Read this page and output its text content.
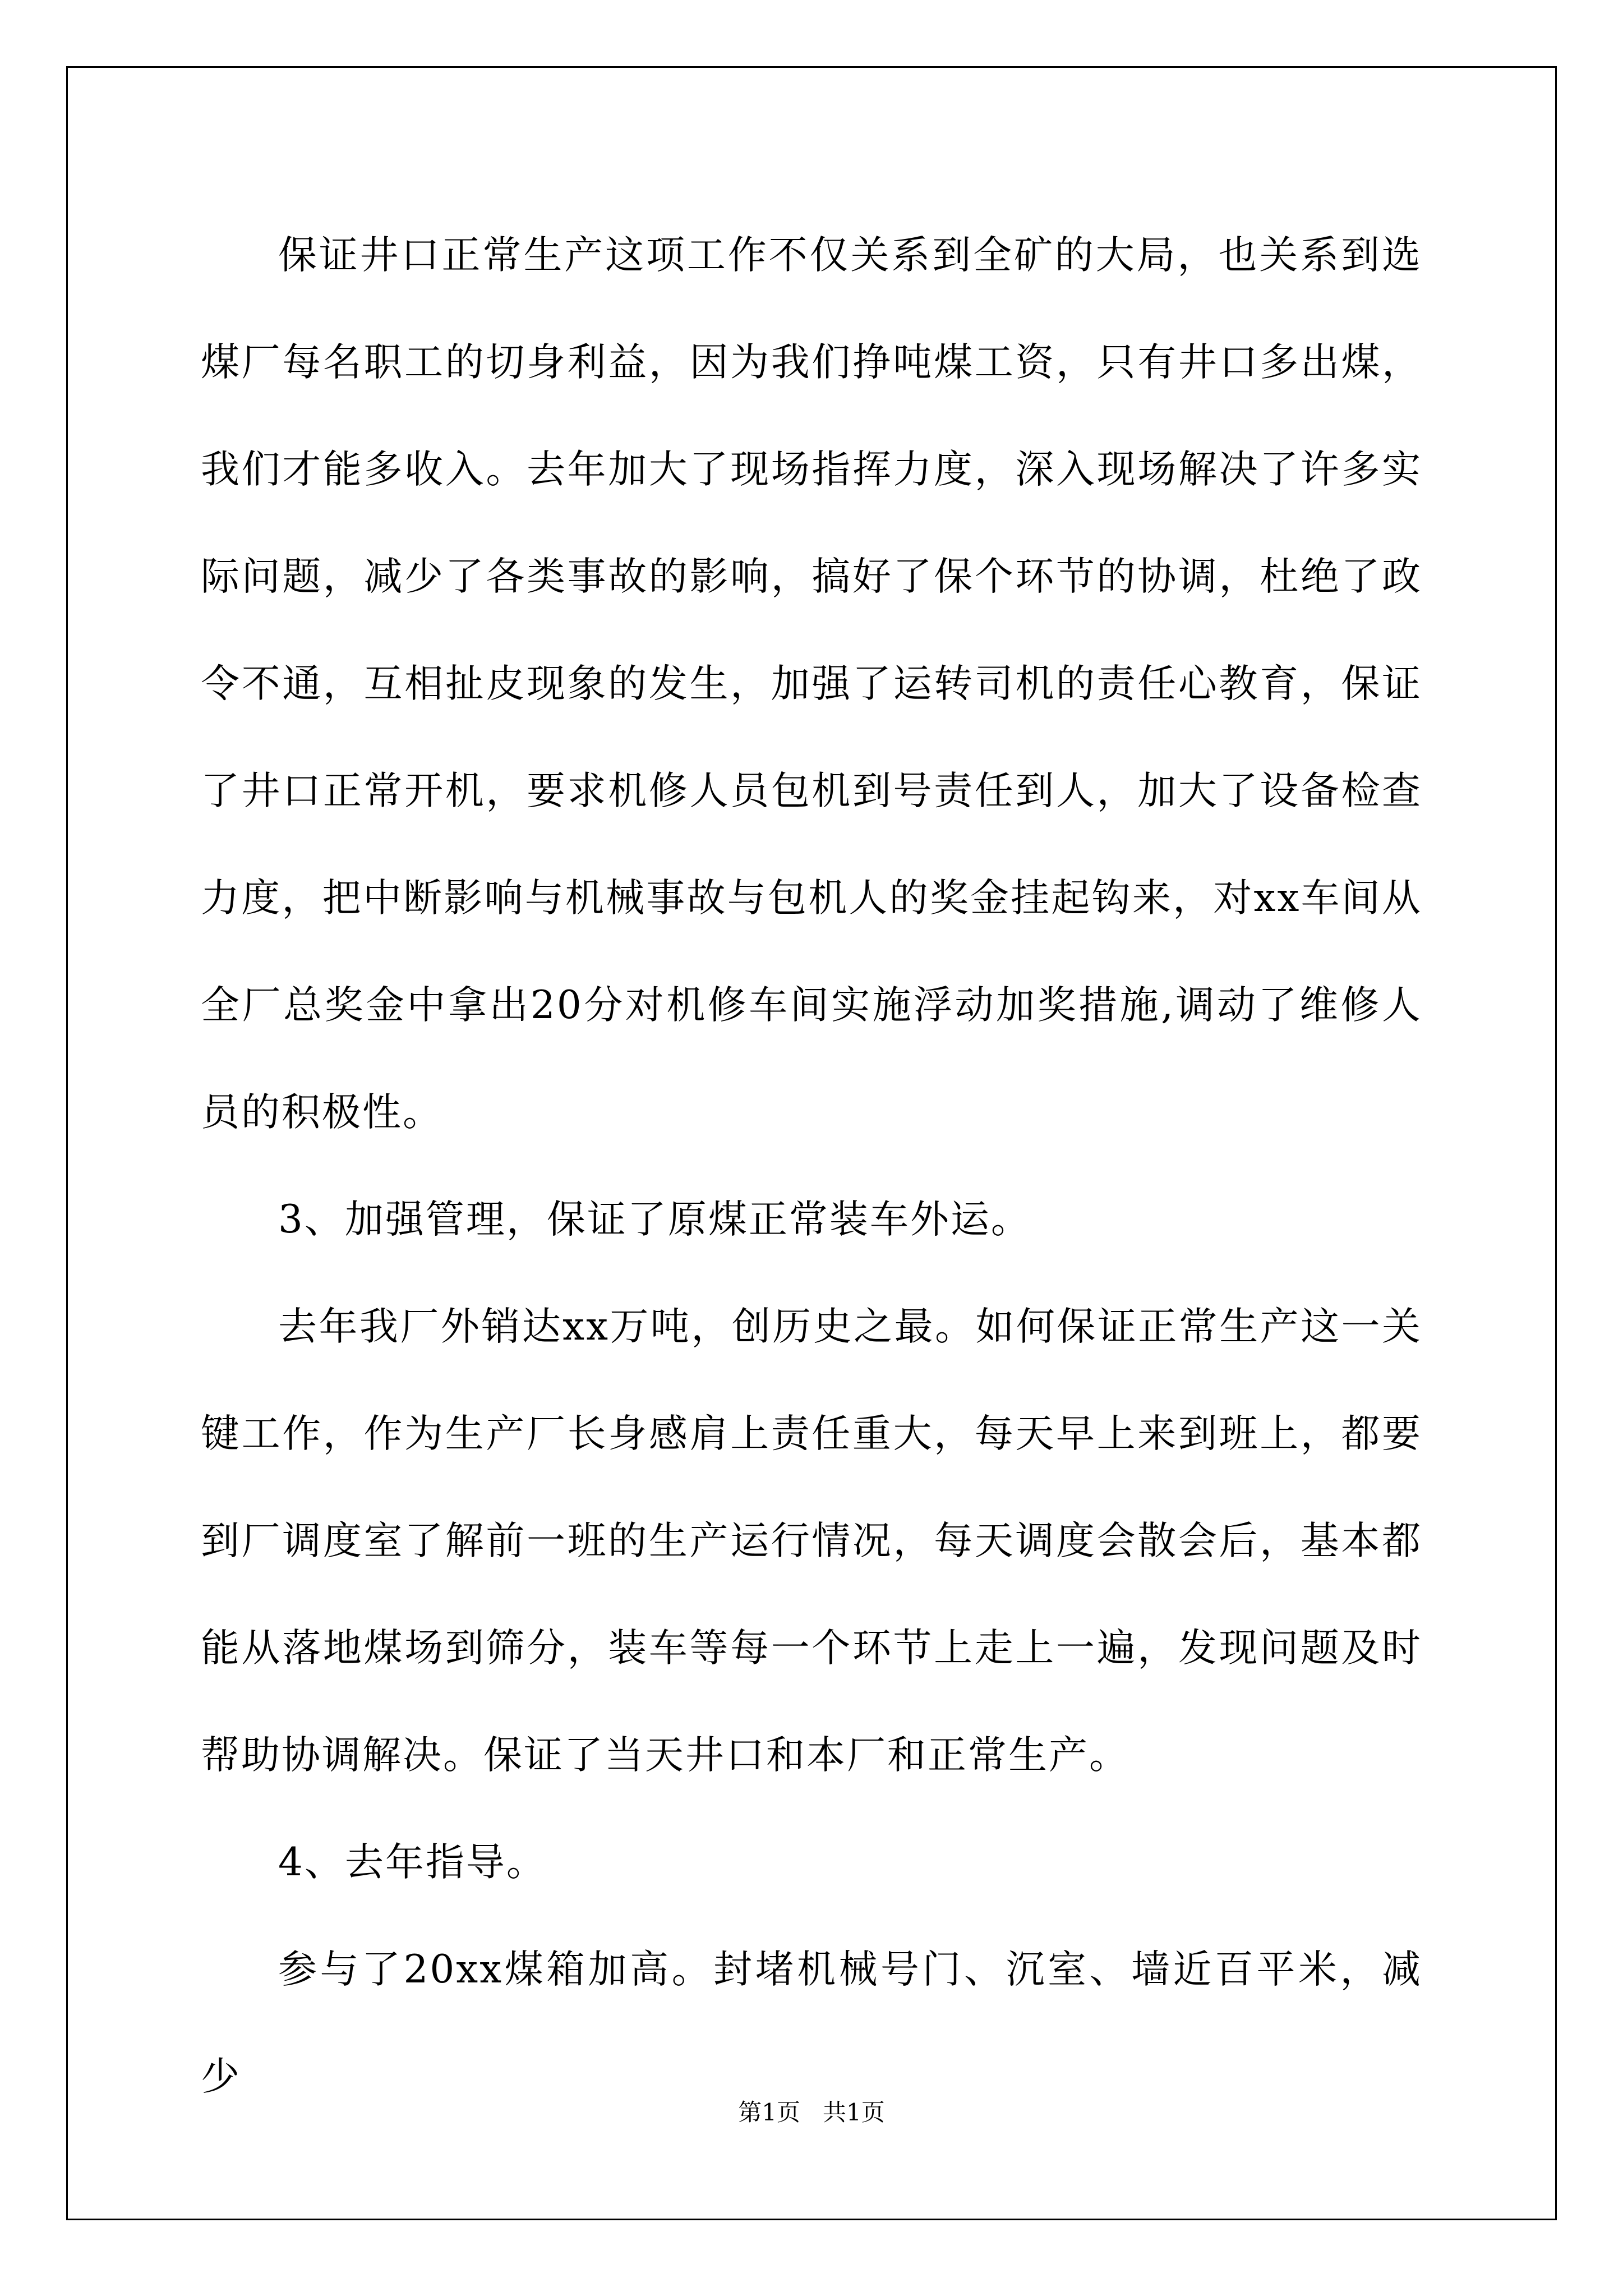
保证井口正常生产这项工作不仅关系到全矿的大局，也关系到选煤厂每名职工的切身利益，因为我们挣吨煤工资，只有井口多出煤，我们才能多收入。去年加大了现场指挥力度，深入现场解决了许多实际问题，减少了各类事故的影响，搞好了保个环节的协调，杜绝了政令不通，互相扯皮现象的发生，加强了运转司机的责任心教育，保证了井口正常开机，要求机修人员包机到号责任到人，加大了设备检查力度，把中断影响与机械事故与包机人的奖金挂起钩来，对xx车间从全厂总奖金中拿出20分对机修车间实施浮动加奖措施,调动了维修人员的积极性。

3、加强管理，保证了原煤正常装车外运。

去年我厂外销达xx万吨，创历史之最。如何保证正常生产这一关键工作，作为生产厂长身感肩上责任重大，每天早上来到班上，都要到厂调度室了解前一班的生产运行情况，每天调度会散会后，基本都能从落地煤场到筛分，装车等每一个环节上走上一遍，发现问题及时帮助协调解决。保证了当天井口和本厂和正常生产。

4、去年指导。

参与了20xx煤箱加高。封堵机械号门、沉室、墙近百平米，减少

第1页 共1页
